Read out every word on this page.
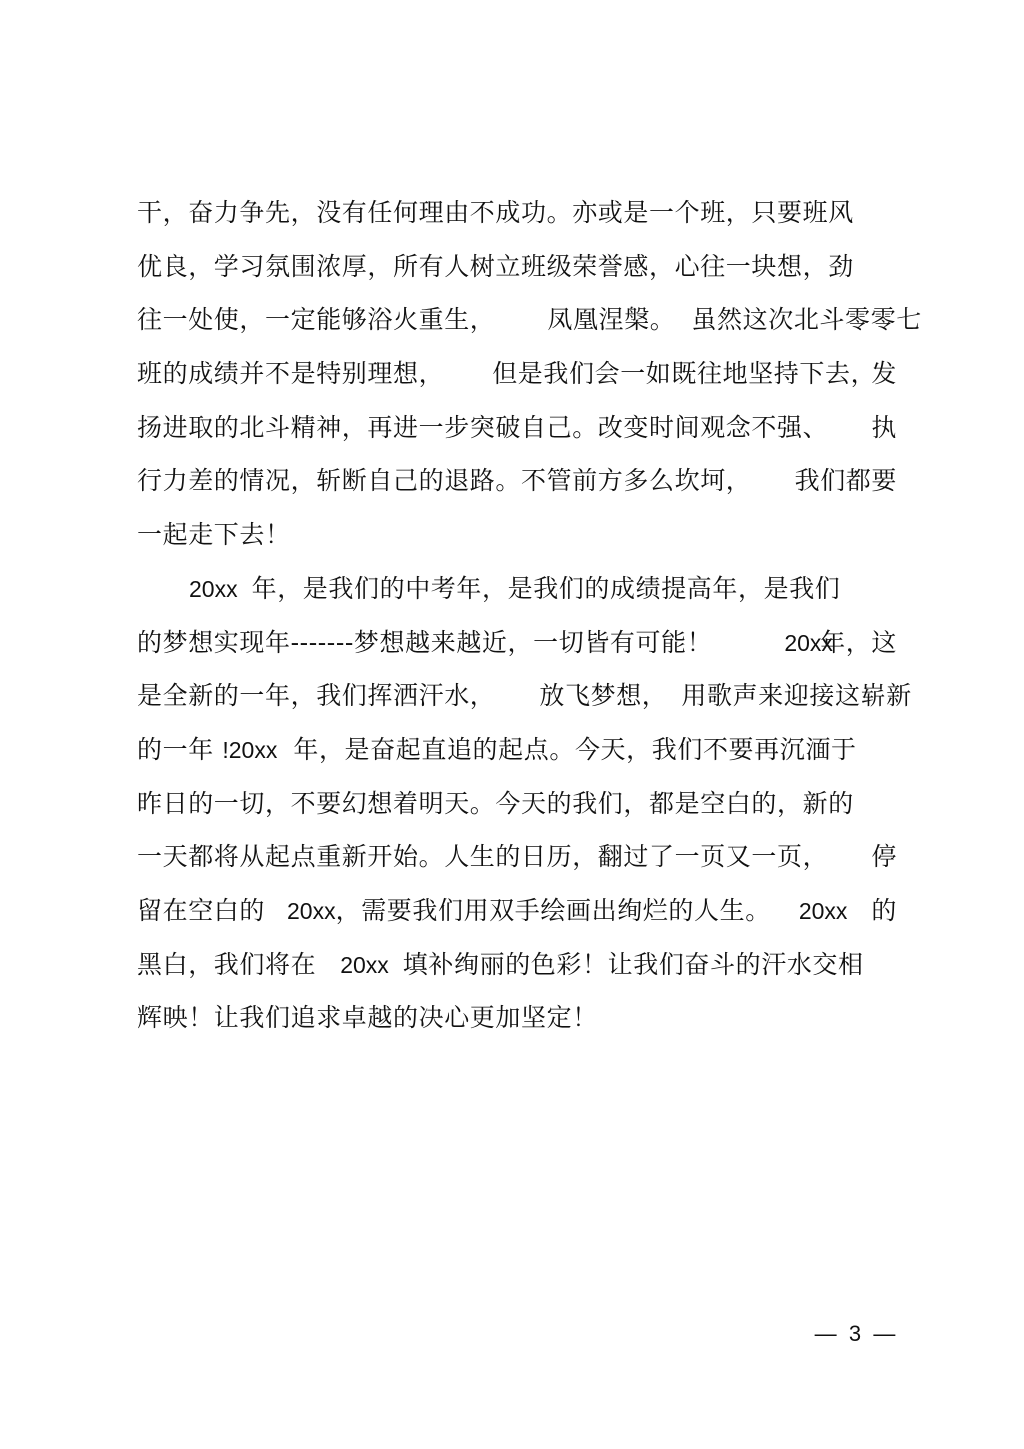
干，奋力争先，没有任何理由不成功。亦或是一个班，只要班风
优良，学习氛围浓厚，所有人树立班级荣誉感，心往一块想，劲
往一处使，一定能够浴火重生， 凤凰涅槃。 虽然这次北斗零零七
班的成绩并不是特别理想， 但是我们会一如既往地坚持下去，
发
扬进取的北斗精神，再进一步突破自己。改变时间观念不强、 执
行力差的情况，斩断自己的退路。不管前方多么坎坷， 我们都要
一起走下去！
20xx 年，是我们的中考年，是我们的成绩提高年，是我们
的梦想实现年-------梦想越来越近，一切皆有可能！	20xx
年，这
是全新的一年，我们挥洒汗水， 放飞梦想， 用歌声来迎接这崭新
的一年 !20xx 年，是奋起直追的起点。今天，我们不要再沉湎于
昨日的一切，不要幻想着明天。今天的我们，都是空白的，新的
一天都将从起点重新开始。人生的日历，翻过了一页又一页， 停
留在空白的 20xx，需要我们用双手绘画出绚烂的人生。 20xx 的
黑白，我们将在 20xx 填补绚丽的色彩！让我们奋斗的汗水交相
辉映！让我们追求卓越的决心更加坚定！
—  3  —
